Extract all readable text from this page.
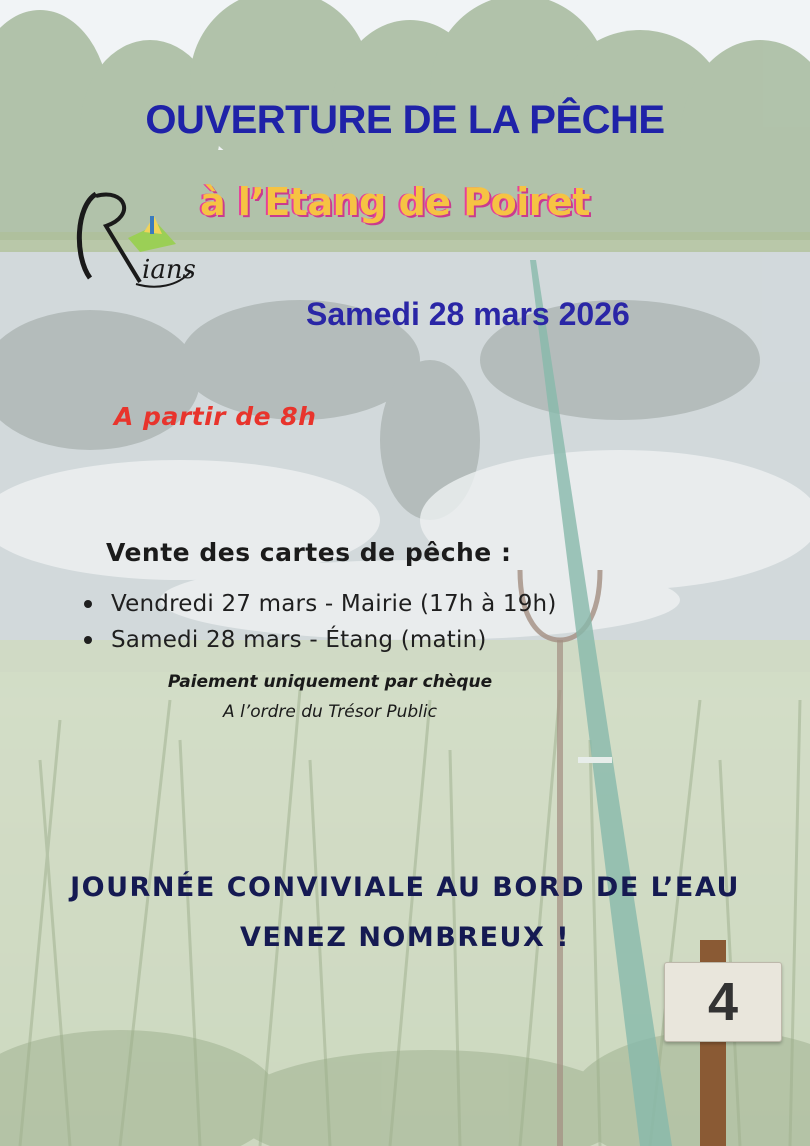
ians
OUVERTURE DE LA PÊCHE
à l’Etang de Poiret

Samedi 28 mars 2026

A partir de 8h

Vente des cartes de pêche :

Vendredi 27 mars - Mairie (17h à 19h)
Samedi 28 mars - Étang (matin)

Paiement uniquement par chèque

A l’ordre du Trésor Public

JOURNÉE CONVIVIALE AU BORD DE L’EAU

VENEZ NOMBREUX !

4
